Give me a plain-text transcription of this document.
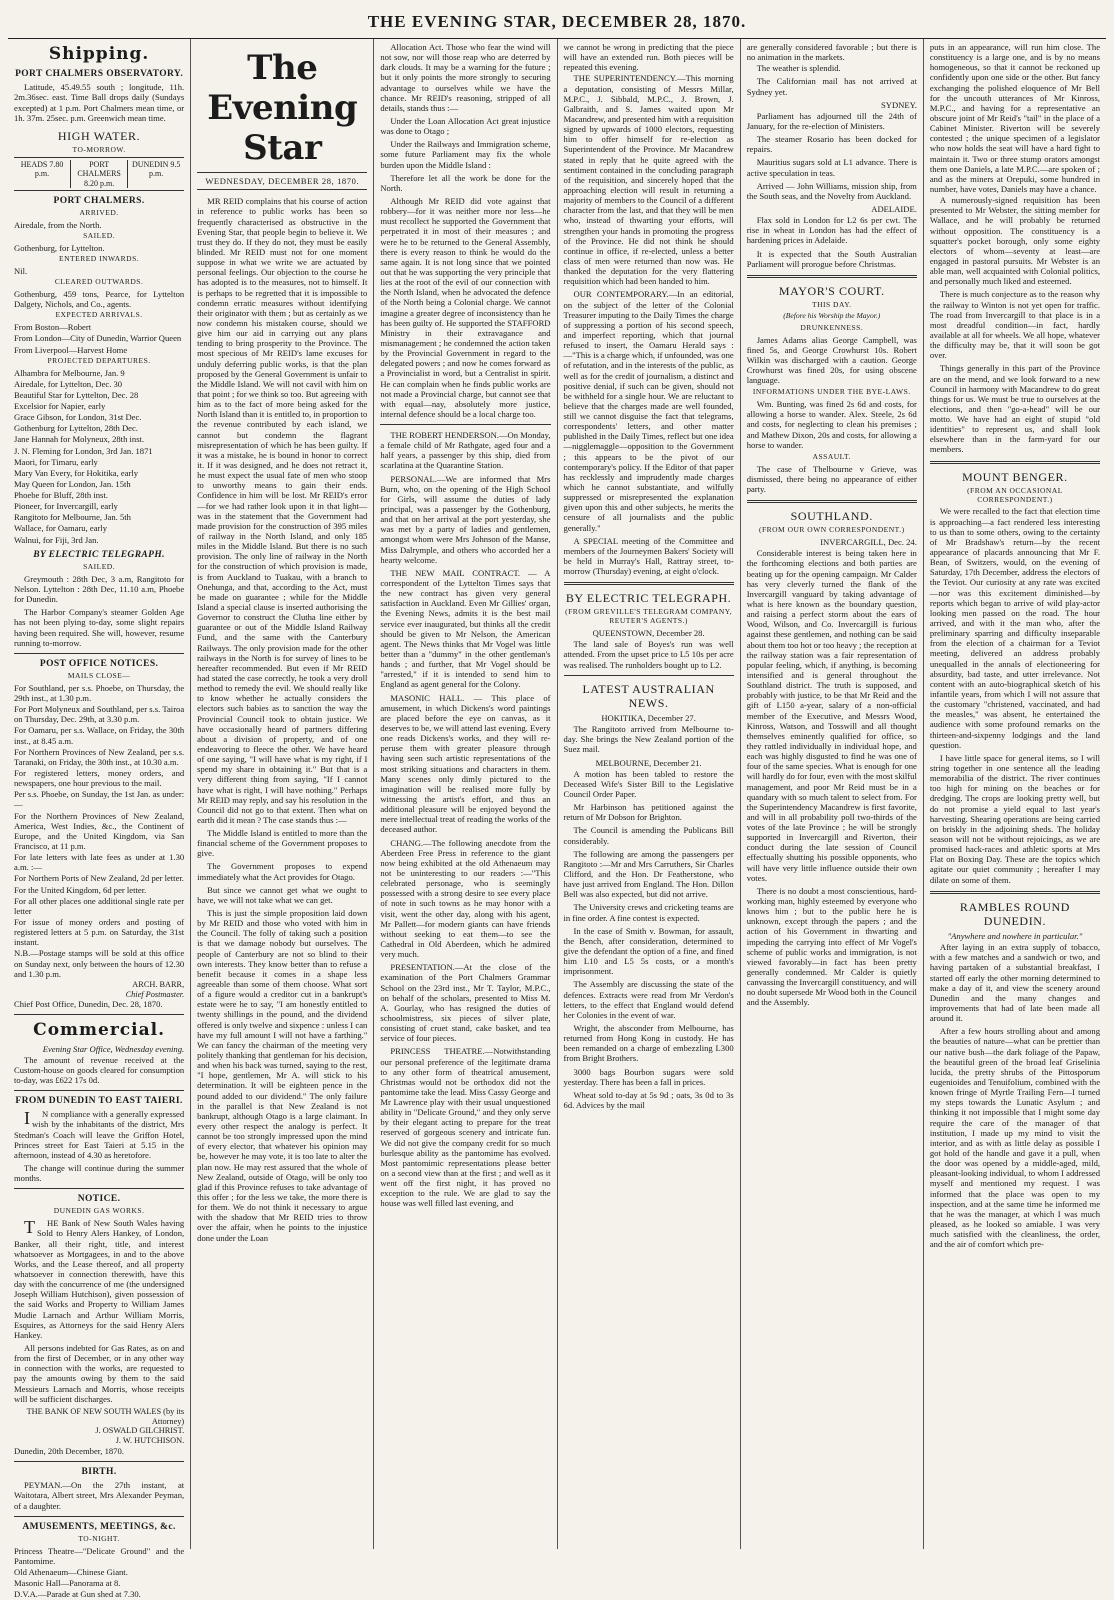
THE EVENING STAR, DECEMBER 28, 1870.
Shipping.
PORT CHALMERS OBSERVATORY.

Latitude, 45.49.55 south ; longitude, 11h. 2m.36sec. east. Time Ball drops daily (Sundays excepted) at 1 p.m. Port Chalmers mean time, or 1h. 37m. 25sec. p.m. Greenwich mean time.

HIGH WATER.
TO-MORROW.
HEADS 7.80 p.m.
PORT CHALMERS 8.20 p.m.
DUNEDIN 9.5 p.m.
PORT CHALMERS.
ARRIVED.

Airedale, from the North.

SAILED.

Gothenburg, for Lyttelton.

ENTERED INWARDS.

Nil.

CLEARED OUTWARDS.

Gothenburg, 459 tons, Pearce, for Lyttelton Dalgety, Nichols, and Co., agents.

EXPECTED ARRIVALS.

From Boston—Robert

From London—City of Dunedin, Warrior Queen

From Liverpool—Harvest Home

PROJECTED DEPARTURES.

Alhambra for Melbourne, Jan. 9

Airedale, for Lyttelton, Dec. 30

Beautiful Star for Lyttelton, Dec. 28

Excelsior for Napier, early

Grace Gibson, for London, 31st Dec.

Gothenburg for Lyttelton, 28th Dec.

Jane Hannah for Molyneux, 28th inst.

J. N. Fleming for London, 3rd Jan. 1871

Maori, for Timaru, early

Mary Van Every, for Hokitika, early

May Queen for London, Jan. 15th

Phoebe for Bluff, 28th inst.

Pioneer, for Invercargill, early

Rangitoto for Melbourne, Jan. 5th

Wallace, for Oamaru, early

Walnui, for Fiji, 3rd Jan.

BY ELECTRIC TELEGRAPH.
SAILED.

Greymouth : 28th Dec, 3 a.m, Rangitoto for Nelson. Lyttelton : 28th Dec, 11.10 a.m, Phoebe for Dunedin.

The Harbor Company's steamer Golden Age has not been plying to-day, some slight repairs having been required. She will, however, resume running to-morrow.

POST OFFICE NOTICES.
MAILS CLOSE—

For Southland, per s.s. Phoebe, on Thursday, the 29th inst., at 1.30 p.m.

For Port Molyneux and Southland, per s.s. Tairoa on Thursday, Dec. 29th, at 3.30 p.m.

For Oamaru, per s.s. Wallace, on Friday, the 30th inst., at 8.45 a.m.

For Northern Provinces of New Zealand, per s.s. Taranaki, on Friday, the 30th inst., at 10.30 a.m.

For registered letters, money orders, and newspapers, one hour previous to the mail.

Per s.s. Phoebe, on Sunday, the 1st Jan. as under:—

For the Northern Provinces of New Zealand, America, West Indies, &c., the Continent of Europe, and the United Kingdom, via San Francisco, at 11 p.m.

For late letters with late fees as under at 1.30 a.m. :—

For Northern Ports of New Zealand, 2d per letter.

For the United Kingdom, 6d per letter.

For all other places one additional single rate per letter

For issue of money orders and posting of registered letters at 5 p.m. on Saturday, the 31st instant.

N.B.—Postage stamps will be sold at this office on Sunday next, only between the hours of 12.30 and 1.30 p.m.

ARCH. BARR,

Chief Postmaster.

Chief Post Office, Dunedin, Dec. 28, 1870.

Commercial.

Evening Star Office, Wednesday evening.

The amount of revenue received at the Custom-house on goods cleared for consumption to-day, was £622 17s 0d.

FROM DUNEDIN TO EAST TAIERI.

IN compliance with a generally expressed wish by the inhabitants of the district, Mrs Stedman's Coach will leave the Griffon Hotel, Princes street for East Taieri at 5.15 in the afternoon, instead of 4.30 as heretofore.

The change will continue during the summer months.

NOTICE.
DUNEDIN GAS WORKS.

THE Bank of New South Wales having Sold to Henry Alers Hankey, of London, Banker, all their right, title, and interest whatsoever as Mortgagees, in and to the above Works, and the Lease thereof, and all property whatsoever in connection therewith, have this day with the concurrence of me (the undersigned Joseph William Hutchison), given possession of the said Works and Property to William James Mudie Larnach and Arthur William Morris, Esquires, as Attorneys for the said Henry Alers Hankey.

All persons indebted for Gas Rates, as on and from the first of December, or in any other way in connection with the works, are requested to pay the amounts owing by them to the said Messieurs Larnach and Morris, whose receipts will be sufficient discharges.

THE BANK OF NEW SOUTH WALES (by its Attorney)

J. OSWALD GILCHRIST.

J. W. HUTCHISON.

Dunedin, 20th December, 1870.

BIRTH.

PEYMAN.—On the 27th instant, at Waitotara, Albert street, Mrs Alexander Peyman, of a daughter.

AMUSEMENTS, MEETINGS, &c.
TO-NIGHT.

Princess Theatre—"Delicate Ground" and the Pantomime.

Old Athenaeum—Chinese Giant.

Masonic Hall—Panorama at 8.

D.V.A.—Parade at Gun shed at 7.30.

The Evening Star
WEDNESDAY, DECEMBER 28, 1870.

MR REID complains that his course of action in reference to public works has been so frequently characterised as obstructive in the Evening Star, that people begin to believe it. We trust they do. If they do not, they must be easily blinded. Mr REID must not for one moment suppose in what we write we are actuated by personal feelings. Our objection to the course he has adopted is to the measures, not to himself. It is perhaps to be regretted that it is impossible to condemn erratic measures without identifying their originator with them ; but as certainly as we now condemn his mistaken course, should we give him our aid in carrying out any plans tending to bring prosperity to the Province. The most specious of Mr REID's lame excuses for unduly deferring public works, is that the plan proposed by the General Government is unfair to the Middle Island. We will not cavil with him on that point ; for we think so too. But agreeing with him as to the fact of more being asked for the North Island than it is entitled to, in proportion to the revenue contributed by each island, we cannot but condemn the flagrant misrepresentation of which he has been guilty. If it was a mistake, he is bound in honor to correct it. If it was designed, and he does not retract it, he must expect the usual fate of men who stoop to unworthy means to gain their ends. Confidence in him will be lost. Mr REID's error—for we had rather look upon it in that light—was in the statement that the Government had made provision for the construction of 395 miles of railway in the North Island, and only 185 miles in the Middle Island. But there is no such provision. The only line of railway in the North for the construction of which provision is made, is from Auckland to Tuakau, with a branch to Onehunga, and that, according to the Act, must be made on guarantee ; while for the Middle Island a special clause is inserted authorising the Governor to construct the Clutha line either by guarantee or out of the Middle Island Railway Fund, and the same with the Canterbury Railways. The only provision made for the other railways in the North is for survey of lines to be hereafter recommended. But even if Mr REID had stated the case correctly, he took a very droll method to remedy the evil. We should really like to know whether he actually considers the electors such babies as to sanction the way the Provincial Council took to obtain justice. We have occasionally heard of partners differing about a division of property, and of one endeavoring to fleece the other. We have heard of one saying, "I will have what is my right, if I spend my share in obtaining it." But that is a very different thing from saying, "If I cannot have what is right, I will have nothing." Perhaps Mr REID may reply, and say his resolution in the Council did not go to that extent. Then what on earth did it mean ? The case stands thus :—

The Middle Island is entitled to more than the financial scheme of the Government proposes to give.

The Government proposes to expend immediately what the Act provides for Otago.

But since we cannot get what we ought to have, we will not take what we can get.

This is just the simple proposition laid down by Mr REID and those who voted with him in the Council. The folly of taking such a position is that we damage nobody but ourselves. The people of Canterbury are not so blind to their own interests. They know better than to refuse a benefit because it comes in a shape less agreeable than some of them choose. What sort of a figure would a creditor cut in a bankrupt's estate were he to say, "I am honestly entitled to twenty shillings in the pound, and the dividend offered is only twelve and sixpence : unless I can have my full amount I will not have a farthing." We can fancy the chairman of the meeting very politely thanking that gentleman for his decision, and when his back was turned, saying to the rest, "I hope, gentlemen, Mr A. will stick to his determination. It will be eighteen pence in the pound added to our dividend." The only failure in the parallel is that New Zealand is not bankrupt, although Otago is a large claimant. In every other respect the analogy is perfect. It cannot be too strongly impressed upon the mind of every elector, that whatever his opinion may be, however he may vote, it is too late to alter the plan now. He may rest assured that the whole of New Zealand, outside of Otago, will be only too glad if this Province refuses to take advantage of this offer ; for the less we take, the more there is for them. We do not think it necessary to argue with the shadow that Mr REID tries to throw over the affair, when he points to the injustice done under the Loan

Allocation Act. Those who fear the wind will not sow, nor will those reap who are deterred by dark clouds. It may be a warning for the future ; but it only points the more strongly to securing advantage to ourselves while we have the chance. Mr REID's reasoning, stripped of all details, stands thus :—

Under the Loan Allocation Act great injustice was done to Otago ;

Under the Railways and Immigration scheme, some future Parliament may fix the whole burden upon the Middle Island :

Therefore let all the work be done for the North.

Although Mr REID did vote against that robbery—for it was neither more nor less—he must recollect he supported the Government that perpetrated it in most of their measures ; and were he to be returned to the General Assembly, there is every reason to think he would do the same again. It is not long since that we pointed out that he was supporting the very principle that lies at the root of the evil of our connection with the North Island, when he advocated the defence of the North being a Colonial charge. We cannot imagine a greater degree of inconsistency than he has been guilty of. He supported the STAFFORD Ministry in their extravagance and mismanagement ; he condemned the action taken by the Provincial Government in regard to the delegated powers ; and now he comes forward as a Provincialist in word, but a Centralist in spirit. He can complain when he finds public works are not made a Provincial charge, but cannot see that with equal—nay, absolutely more justice, internal defence should be a local charge too.

THE ROBERT HENDERSON.—On Monday, a female child of Mr Rathgate, aged four and a half years, a passenger by this ship, died from scarlatina at the Quarantine Station.

PERSONAL.—We are informed that Mrs Burn, who, on the opening of the High School for Girls, will assume the duties of lady principal, was a passenger by the Gothenburg, and that on her arrival at the port yesterday, she was met by a party of ladies and gentlemen, amongst whom were Mrs Johnson of the Manse, Miss Dalrymple, and others who accorded her a hearty welcome.

THE NEW MAIL CONTRACT. — A correspondent of the Lyttelton Times says that the new contract has given very general satisfaction in Auckland. Even Mr Gillies' organ, the Evening News, admits it is the best mail service ever inaugurated, but thinks all the credit should be given to Mr Nelson, the American agent. The News thinks that Mr Vogel was little better than a "dummy" in the other gentleman's hands ; and further, that Mr Vogel should be "arrested," if it is intended to send him to England as agent general for the Colony.

MASONIC HALL. — This place of amusement, in which Dickens's word paintings are placed before the eye on canvas, as it deserves to be, we will attend last evening. Every one reads Dickens's works, and they will re-peruse them with greater pleasure through having seen such artistic representations of the most striking situations and characters in them. Many scenes only dimly pictured to the imagination will be realised more fully by witnessing the artist's effort, and thus an additional pleasure will be enjoyed beyond the mere intellectual treat of reading the works of the deceased author.

CHANG.—The following anecdote from the Aberdeen Free Press in reference to the giant now being exhibited at the old Athenaeum may not be uninteresting to our readers :—"This celebrated personage, who is seemingly possessed with a strong desire to see every place of note in such towns as he may honor with a visit, went the other day, along with his agent, Mr Pallett—for modern giants can have friends without seeking to eat them—to see the Cathedral in Old Aberdeen, which he admired very much.

PRESENTATION.—At the close of the examination of the Port Chalmers Grammar School on the 23rd inst., Mr T. Taylor, M.P.C., on behalf of the scholars, presented to Miss M. A. Gourlay, who has resigned the duties of schoolmistress, six pieces of silver plate, consisting of cruet stand, cake basket, and tea service of four pieces.

PRINCESS THEATRE.—Notwithstanding our personal preference of the legitimate drama to any other form of theatrical amusement, Christmas would not be orthodox did not the pantomime take the lead. Miss Cassy George and Mr Lawrence play with their usual unquestioned ability in "Delicate Ground," and they only serve by their elegant acting to prepare for the treat reserved of gorgeous scenery and intricate fun. We did not give the company credit for so much burlesque ability as the pantomime has evolved. Most pantomimic representations please better on a second view than at the first ; and well as it went off the first night, it has proved no exception to the rule. We are glad to say the house was well filled last evening, and

we cannot be wrong in predicting that the piece will have an extended run. Both pieces will be repeated this evening.

THE SUPERINTENDENCY.—This morning a deputation, consisting of Messrs Millar, M.P.C., J. Sibbald, M.P.C., J. Brown, J. Galbraith, and S. James waited upon Mr Macandrew, and presented him with a requisition signed by upwards of 1000 electors, requesting him to offer himself for re-election as Superintendent of the Province. Mr Macandrew stated in reply that he quite agreed with the sentiment contained in the concluding paragraph of the requisition, and sincerely hoped that the approaching election will result in returning a majority of members to the Council of a different character from the last, and that they will be men who, instead of thwarting your efforts, will strengthen your hands in promoting the progress of the Province. He did not think he should continue in office, if re-elected, unless a better class of men were returned than now was. He thanked the deputation for the very flattering requisition which had been handed to him.

OUR CONTEMPORARY.—In an editorial, on the subject of the letter of the Colonial Treasurer imputing to the Daily Times the charge of suppressing a portion of his second speech, and imperfect reporting, which that journal refused to insert, the Oamaru Herald says :—"This is a charge which, if unfounded, was one of refutation, and in the interests of the public, as well as for the credit of journalism, a distinct and positive denial, if such can be given, should not be withheld for a single hour. We are reluctant to believe that the charges made are well founded, still we cannot disguise the fact that telegrams, correspondents' letters, and other matter published in the Daily Times, reflect but one idea—nigglemaggle—opposition to the Government ; this appears to be the pivot of our contemporary's policy. If the Editor of that paper has recklessly and imprudently made charges which he cannot substantiate, and wilfully suppressed or misrepresented the explanation given upon this and other subjects, he merits the censure of all journalists and the public generally."

A SPECIAL meeting of the Committee and members of the Journeymen Bakers' Society will be held in Murray's Hall, Rattray street, to-morrow (Thursday) evening, at eight o'clock.

BY ELECTRIC TELEGRAPH.
(FROM GREVILLE'S TELEGRAM COMPANY, REUTER'S AGENTS.)

QUEENSTOWN, December 28.

The land sale of Boyes's run was well attended. From the upset price to L5 10s per acre was realised. The runholders bought up to L2.

LATEST AUSTRALIAN NEWS.

HOKITIKA, December 27.

The Rangitoto arrived from Melbourne to-day. She brings the New Zealand portion of the Suez mail.

MELBOURNE, December 21.

A motion has been tabled to restore the Deceased Wife's Sister Bill to the Legislative Council Order Paper.

Mr Harbinson has petitioned against the return of Mr Dobson for Brighton.

The Council is amending the Publicans Bill considerably.

The following are among the passengers per Rangitoto :—Mr and Mrs Carruthers, Sir Charles Clifford, and the Hon. Dr Featherstone, who have just arrived from England. The Hon. Dillon Bell was also expected, but did not arrive.

The University crews and cricketing teams are in fine order. A fine contest is expected.

In the case of Smith v. Bowman, for assault, the Bench, after consideration, determined to give the defendant the option of a fine, and fined him L10 and L5 5s costs, or a month's imprisonment.

The Assembly are discussing the state of the defences. Extracts were read from Mr Verdon's letters, to the effect that England would defend her Colonies in the event of war.

Wright, the absconder from Melbourne, has returned from Hong Kong in custody. He has been remanded on a charge of embezzling L300 from Bright Brothers.

3000 bags Bourbon sugars were sold yesterday. There has been a fall in prices.

Wheat sold to-day at 5s 9d ; oats, 3s 0d to 3s 6d. Advices by the mail

are generally considered favorable ; but there is no animation in the markets.

The weather is splendid.

The Californian mail has not arrived at Sydney yet.

SYDNEY.

Parliament has adjourned till the 24th of January, for the re-election of Ministers.

The steamer Rosario has been docked for repairs.

Mauritius sugars sold at L1 advance. There is active speculation in teas.

Arrived — John Williams, mission ship, from the South seas, and the Novelty from Auckland.

ADELAIDE.

Flax sold in London for L2 6s per cwt. The rise in wheat in London has had the effect of hardening prices in Adelaide.

It is expected that the South Australian Parliament will prorogue before Christmas.

MAYOR'S COURT.
THIS DAY.
(Before his Worship the Mayor.)
DRUNKENNESS.

James Adams alias George Campbell, was fined 5s, and George Crowhurst 10s. Robert Wilkin was discharged with a caution. George Crowhurst was fined 20s, for using obscene language.

INFORMATIONS UNDER THE BYE-LAWS.

Wm. Bunting, was fined 2s 6d and costs, for allowing a horse to wander. Alex. Steele, 2s 6d and costs, for neglecting to clean his premises ; and Mathew Dixon, 20s and costs, for allowing a horse to wander.

ASSAULT.

The case of Thelbourne v Grieve, was dismissed, there being no appearance of either party.

SOUTHLAND.
(FROM OUR OWN CORRESPONDENT.)

INVERCARGILL, Dec. 24.

Considerable interest is being taken here in the forthcoming elections and both parties are beating up for the opening campaign. Mr Calder has very cleverly turned the flank of the Invercargill vanguard by taking advantage of what is here known as the boundary question, and raising a perfect storm about the ears of Wood, Wilson, and Co. Invercargill is furious against these gentlemen, and nothing can be said about them too hot or too heavy ; the reception at the railway station was a fair representation of popular feeling, which, if anything, is becoming intensified and is general throughout the Southland district. The truth is supposed, and probably with justice, to be that Mr Reid and the gift of L150 a-year, salary of a non-official member of the Executive, and Messrs Wood, Kinross, Watson, and Tosswill and all thought themselves eminently qualified for office, so they rattled individually in individual hope, and each was highly disgusted to find he was one of four of the same species. What is enough for one will hardly do for four, even with the most skilful management, and poor Mr Reid must be in a quandary with so much talent to select from. For the Superintendency Macandrew is first favorite, and will in all probability poll two-thirds of the votes of the late Province ; he will be strongly supported in Invercargill and Riverton, their conduct during the late session of Council effectually shutting his possible opponents, who will have very little influence outside their own votes.

There is no doubt a most conscientious, hard-working man, highly esteemed by everyone who knows him ; but to the public here he is unknown, except through the papers ; and the action of his Government in thwarting and impeding the carrying into effect of Mr Vogel's scheme of public works and immigration, is not viewed favorably—in fact has been pretty generally condemned. Mr Calder is quietly canvassing the Invercargill constituency, and will no doubt supersede Mr Wood both in the Council and the Assembly.

puts in an appearance, will run him close. The constituency is a large one, and is by no means homogeneous, so that it cannot be reckoned up confidently upon one side or the other. But fancy exchanging the polished eloquence of Mr Bell for the uncouth utterances of Mr Kinross, M.P.C., and having for a representative an obscure joint of Mr Reid's "tail" in the place of a Cabinet Minister. Riverton will be severely contested ; the unique specimen of a legislator who now holds the seat will have a hard fight to maintain it. Two or three stump orators amongst them one Daniels, a late M.P.C.—are spoken of ; and as the miners at Orepuki, some hundred in number, have votes, Daniels may have a chance.

A numerously-signed requisition has been presented to Mr Webster, the sitting member for Wallace, and he will probably be returned without opposition. The constituency is a squatter's pocket borough, only some eighty electors of whom—seventy at least—are engaged in pastoral pursuits. Mr Webster is an able man, well acquainted with Colonial politics, and personally much liked and esteemed.

There is much conjecture as to the reason why the railway to Winton is not yet open for traffic. The road from Invercargill to that place is in a most dreadful condition—in fact, hardly available at all for wheels. We all hope, whatever the difficulty may be, that it will soon be got over.

Things generally in this part of the Province are on the mend, and we look forward to a new Council in harmony with Macandrew to do great things for us. We must be true to ourselves at the elections, and then "go-a-head" will be our motto. We have had an eight of stupid "old identities" to represent us, and shall look elsewhere than in the farm-yard for our members.

MOUNT BENGER.
(FROM AN OCCASIONAL CORRESPONDENT.)

We were recalled to the fact that election time is approaching—a fact rendered less interesting to us than to some others, owing to the certainty of Mr Bradshaw's return—by the recent appearance of placards announcing that Mr F. Bean, of Switzers, would, on the evening of Saturday, 17th December, address the electors of the Teviot. Our curiosity at any rate was excited—nor was this excitement diminished—by reports which began to arrive of wild play-actor looking men passed on the road. The hour arrived, and with it the man who, after the preliminary sparring and difficulty inseparable from the election of a chairman for a Teviot meeting, delivered an address probably unequalled in the annals of electioneering for absurdity, bad taste, and utter irrelevance. Not content with an auto-biographical sketch of his infantile years, from which I will not assure that the customary "christened, vaccinated, and had the measles," was absent, he entertained the audience with some profound remarks on the thirteen-and-sixpenny lodgings and the land question.

I have little space for general items, so I will string together in one sentence all the leading memorabilia of the district. The river continues too high for mining on the beaches or for dredging. The crops are looking pretty well, but do not promise a yield equal to last year's harvesting. Shearing operations are being carried on briskly in the adjoining sheds. The holiday season will not be without rejoicings, as we are promised hack-races and athletic sports at Mrs Flat on Boxing Day. These are the topics which agitate our quiet community ; hereafter I may dilate on some of them.

RAMBLES ROUND DUNEDIN.

"Anywhere and nowhere in particular."

After laying in an extra supply of tobacco, with a few matches and a sandwich or two, and having partaken of a substantial breakfast, I started off early the other morning determined to make a day of it, and view the scenery around Dunedin and the many changes and improvements that had of late been made all around it.

After a few hours strolling about and among the beauties of nature—what can be prettier than our native bush—the dark foliage of the Papaw, the beautiful green of the broad leaf Griselinia lucida, the pretty shrubs of the Pittosporum eugenioides and Tenuifolium, combined with the known fringe of Myrtle Trailing Fern—I turned my steps towards the Lunatic Asylum ; and thinking it not impossible that I might some day require the care of the manager of that institution, I made up my mind to visit the interior, and as with as little delay as possible I got hold of the handle and gave it a pull, when the door was opened by a middle-aged, mild, pleasant-looking individual, to whom I addressed myself and mentioned my request. I was informed that the place was open to my inspection, and at the same time he informed me that he was the manager, at which I was much pleased, as he looked so amiable. I was very much satisfied with the cleanliness, the order, and the air of comfort which pre-
